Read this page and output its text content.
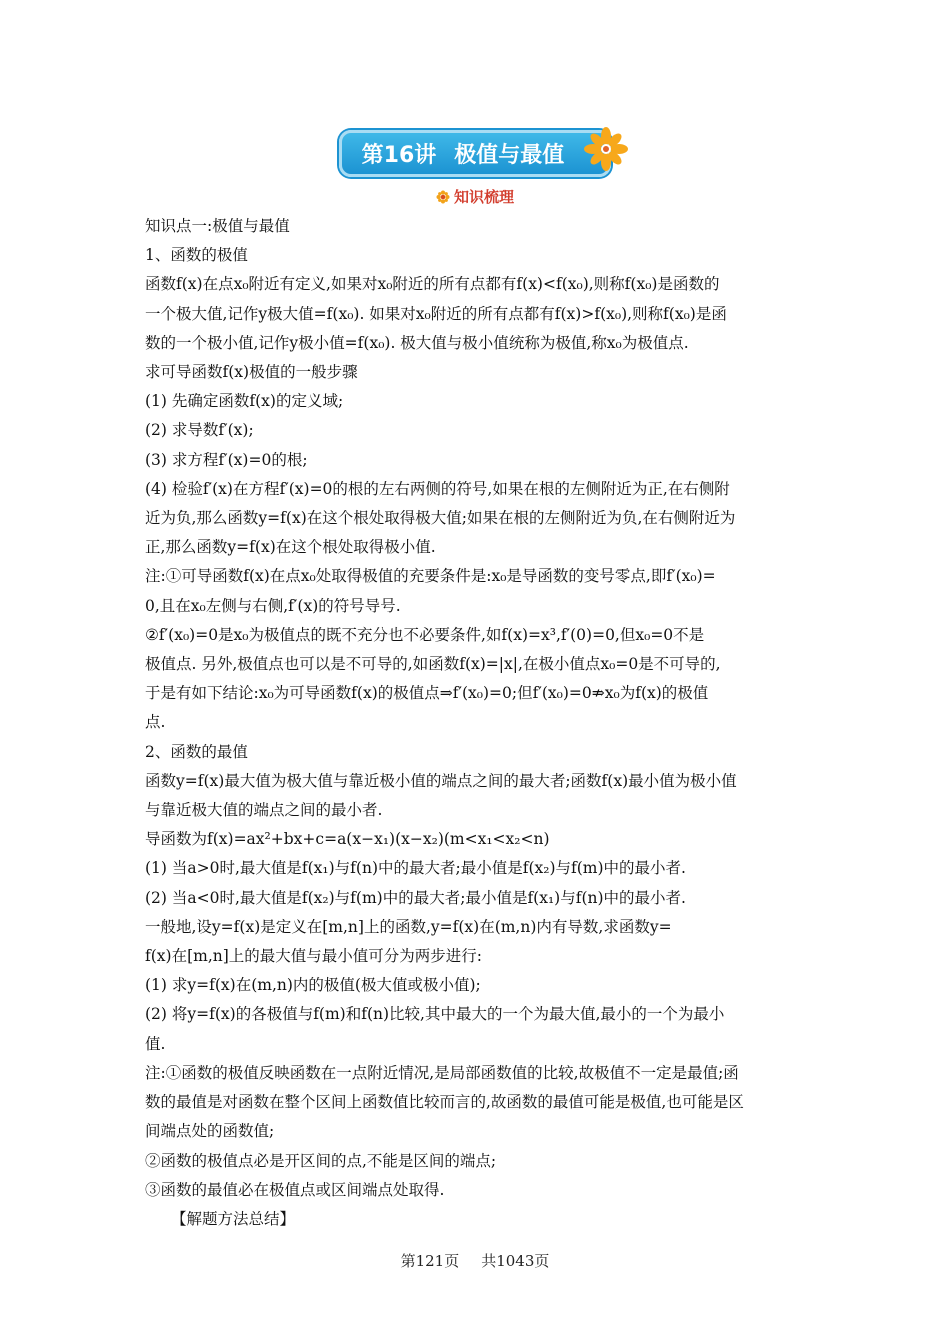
第16讲 极值与最值
知识梳理

知识点一:极值与最值

1、函数的极值

函数f(x)在点x₀附近有定义,如果对x₀附近的所有点都有f(x)<f(x₀),则称f(x₀)是函数的

一个极大值,记作y极大值=f(x₀). 如果对x₀附近的所有点都有f(x)>f(x₀),则称f(x₀)是函

数的一个极小值,记作y极小值=f(x₀). 极大值与极小值统称为极值,称x₀为极值点.

求可导函数f(x)极值的一般步骤

(1) 先确定函数f(x)的定义域;

(2) 求导数f′(x);

(3) 求方程f′(x)=0的根;

(4) 检验f′(x)在方程f′(x)=0的根的左右两侧的符号,如果在根的左侧附近为正,在右侧附

近为负,那么函数y=f(x)在这个根处取得极大值;如果在根的左侧附近为负,在右侧附近为

正,那么函数y=f(x)在这个根处取得极小值.

注:①可导函数f(x)在点x₀处取得极值的充要条件是:x₀是导函数的变号零点,即f′(x₀)=

0,且在x₀左侧与右侧,f′(x)的符号导号.

②f′(x₀)=0是x₀为极值点的既不充分也不必要条件,如f(x)=x³,f′(0)=0,但x₀=0不是

极值点. 另外,极值点也可以是不可导的,如函数f(x)=|x|,在极小值点x₀=0是不可导的,

于是有如下结论:x₀为可导函数f(x)的极值点⇒f′(x₀)=0;但f′(x₀)=0⇏x₀为f(x)的极值

点.

2、函数的最值

函数y=f(x)最大值为极大值与靠近极小值的端点之间的最大者;函数f(x)最小值为极小值

与靠近极大值的端点之间的最小者.

导函数为f(x)=ax²+bx+c=a(x−x₁)(x−x₂)(m<x₁<x₂<n)

(1) 当a>0时,最大值是f(x₁)与f(n)中的最大者;最小值是f(x₂)与f(m)中的最小者.

(2) 当a<0时,最大值是f(x₂)与f(m)中的最大者;最小值是f(x₁)与f(n)中的最小者.

一般地,设y=f(x)是定义在[m,n]上的函数,y=f(x)在(m,n)内有导数,求函数y=

f(x)在[m,n]上的最大值与最小值可分为两步进行:

(1) 求y=f(x)在(m,n)内的极值(极大值或极小值);

(2) 将y=f(x)的各极值与f(m)和f(n)比较,其中最大的一个为最大值,最小的一个为最小

值.

注:①函数的极值反映函数在一点附近情况,是局部函数值的比较,故极值不一定是最值;函

数的最值是对函数在整个区间上函数值比较而言的,故函数的最值可能是极值,也可能是区

间端点处的函数值;

②函数的极值点必是开区间的点,不能是区间的端点;

③函数的最值必在极值点或区间端点处取得.

【解题方法总结】

第121页 共1043页
